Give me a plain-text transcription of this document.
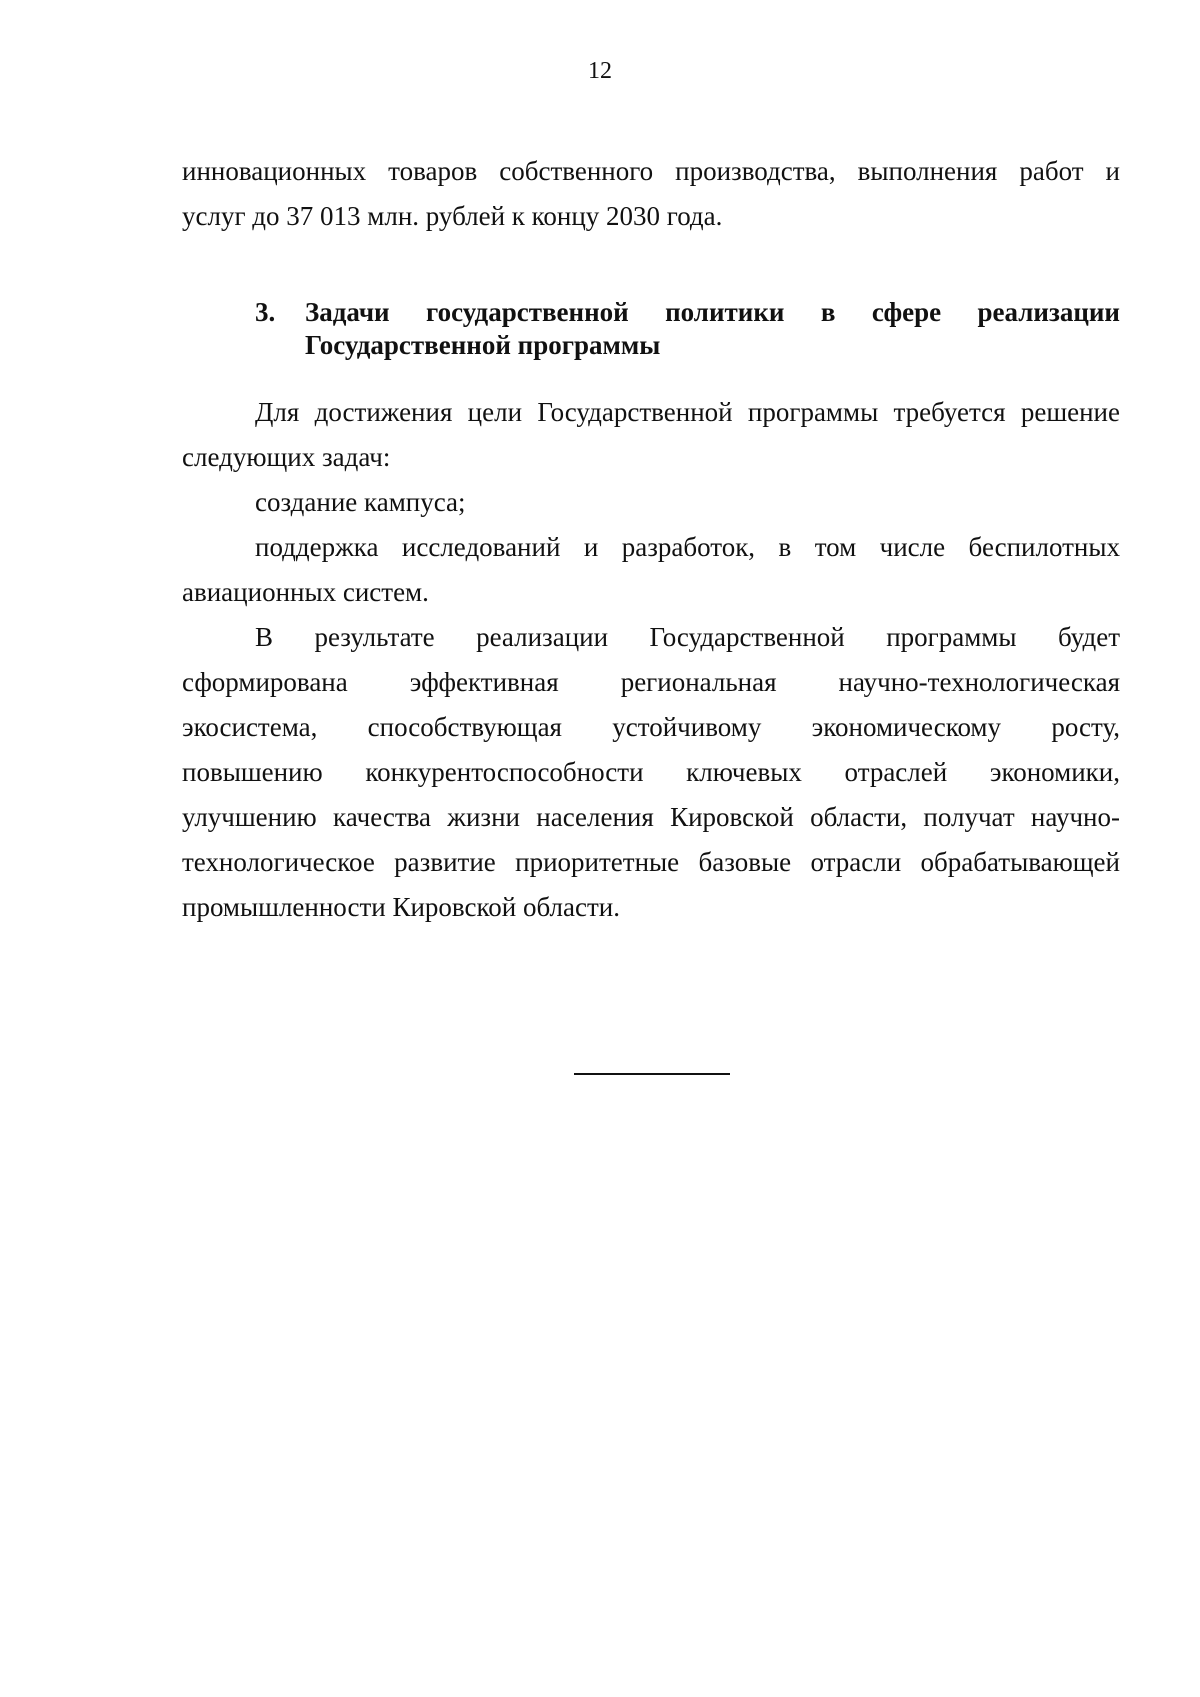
12
инновационных товаров собственного производства, выполнения работ и
услуг до 37 013 млн. рублей к концу 2030 года.
3. Задачи государственной политики в сфере реализации
Государственной программы
Для достижения цели Государственной программы требуется решение
следующих задач:
создание кампуса;
поддержка исследований и разработок, в том числе беспилотных
авиационных систем.
В результате реализации Государственной программы будет
сформирована эффективная региональная научно-технологическая
экосистема, способствующая устойчивому экономическому росту,
повышению конкурентоспособности ключевых отраслей экономики,
улучшению качества жизни населения Кировской области, получат научно-
технологическое развитие приоритетные базовые отрасли обрабатывающей
промышленности Кировской области.
